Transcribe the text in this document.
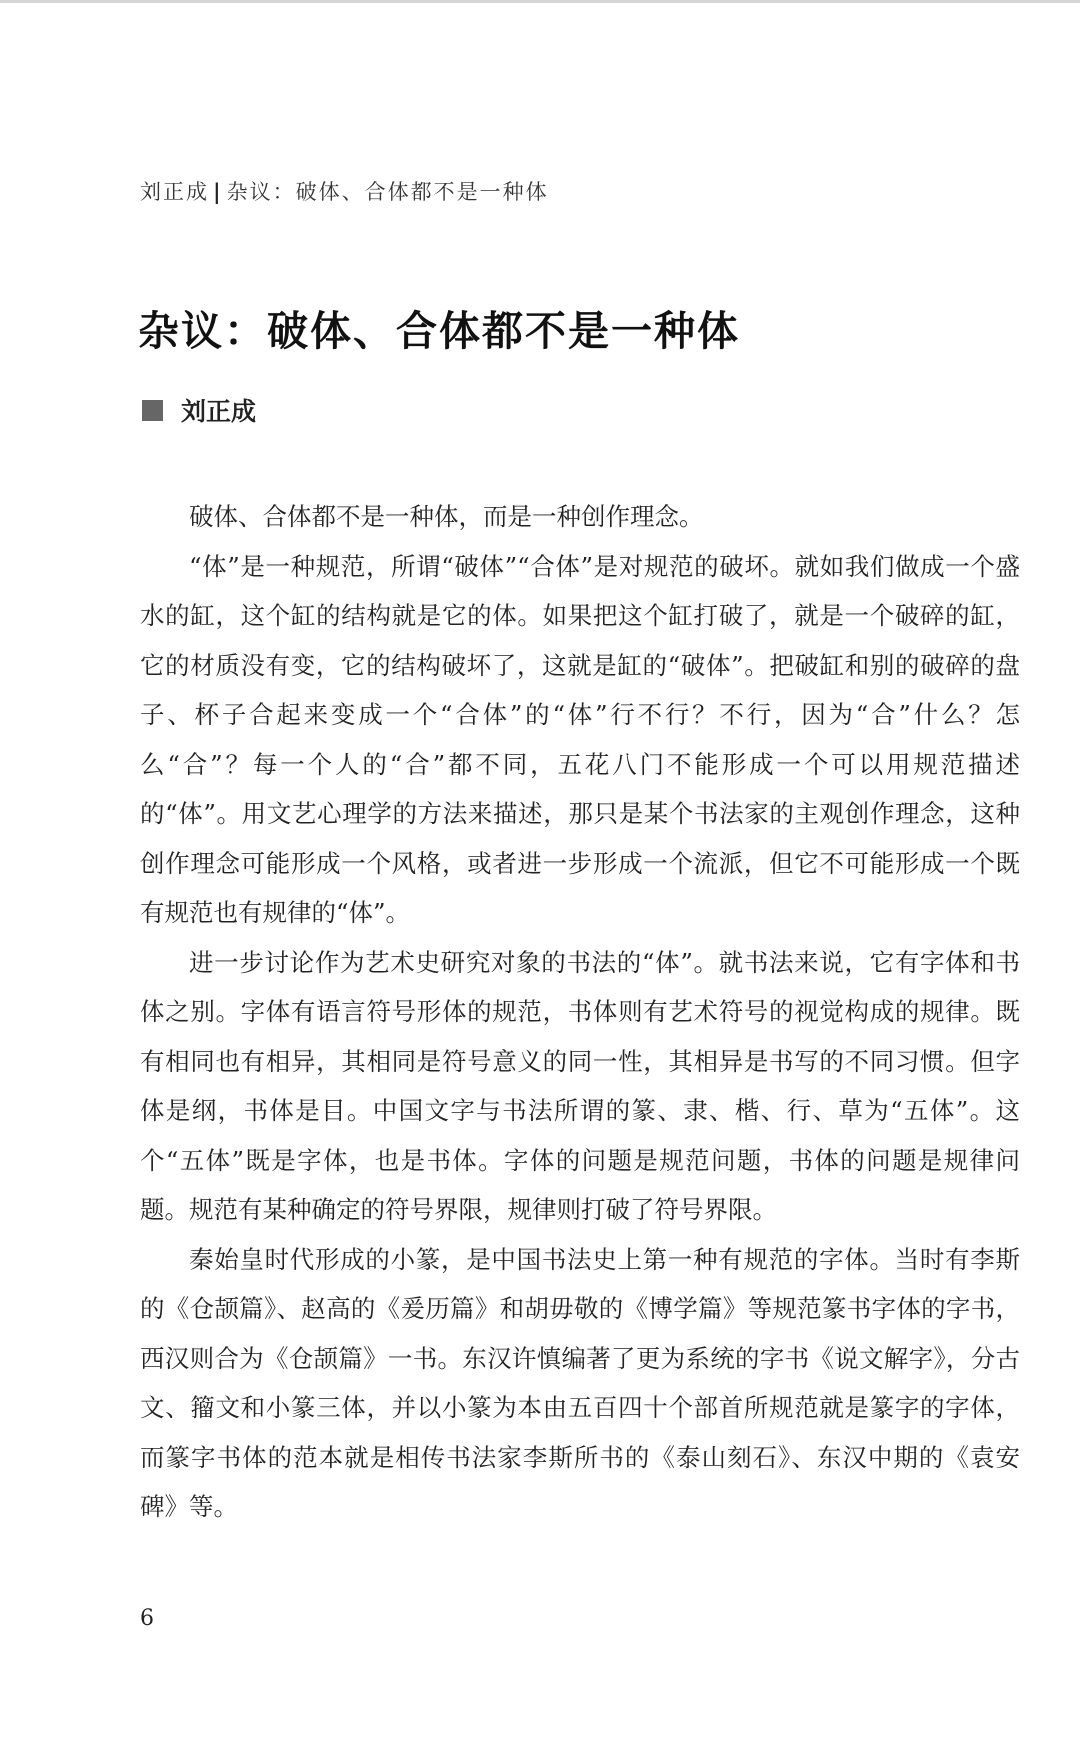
刘正成 | 杂议：破体、合体都不是一种体
杂议：破体、合体都不是一种体
刘正成

破体、合体都不是一种体，而是一种创作理念。

“体”是一种规范，所谓“破体”“合体”是对规范的破坏。就如我们做成一个盛水的缸，这个缸的结构就是它的体。如果把这个缸打破了，就是一个破碎的缸，它的材质没有变，它的结构破坏了，这就是缸的“破体”。把破缸和别的破碎的盘子、杯子合起来变成一个“合体”的“体”行不行？不行，因为“合”什么？怎么“合”？每一个人的“合”都不同，五花八门不能形成一个可以用规范描述的“体”。用文艺心理学的方法来描述，那只是某个书法家的主观创作理念，这种创作理念可能形成一个风格，或者进一步形成一个流派，但它不可能形成一个既有规范也有规律的“体”。

进一步讨论作为艺术史研究对象的书法的“体”。就书法来说，它有字体和书体之别。字体有语言符号形体的规范，书体则有艺术符号的视觉构成的规律。既有相同也有相异，其相同是符号意义的同一性，其相异是书写的不同习惯。但字体是纲，书体是目。中国文字与书法所谓的篆、隶、楷、行、草为“五体”。这个“五体”既是字体，也是书体。字体的问题是规范问题，书体的问题是规律问题。规范有某种确定的符号界限，规律则打破了符号界限。

秦始皇时代形成的小篆，是中国书法史上第一种有规范的字体。当时有李斯的《仓颉篇》、赵高的《爰历篇》和胡毋敬的《博学篇》等规范篆书字体的字书，西汉则合为《仓颉篇》一书。东汉许慎编著了更为系统的字书《说文解字》，分古文、籀文和小篆三体，并以小篆为本由五百四十个部首所规范就是篆字的字体，而篆字书体的范本就是相传书法家李斯所书的《泰山刻石》、东汉中期的《袁安碑》等。

6
